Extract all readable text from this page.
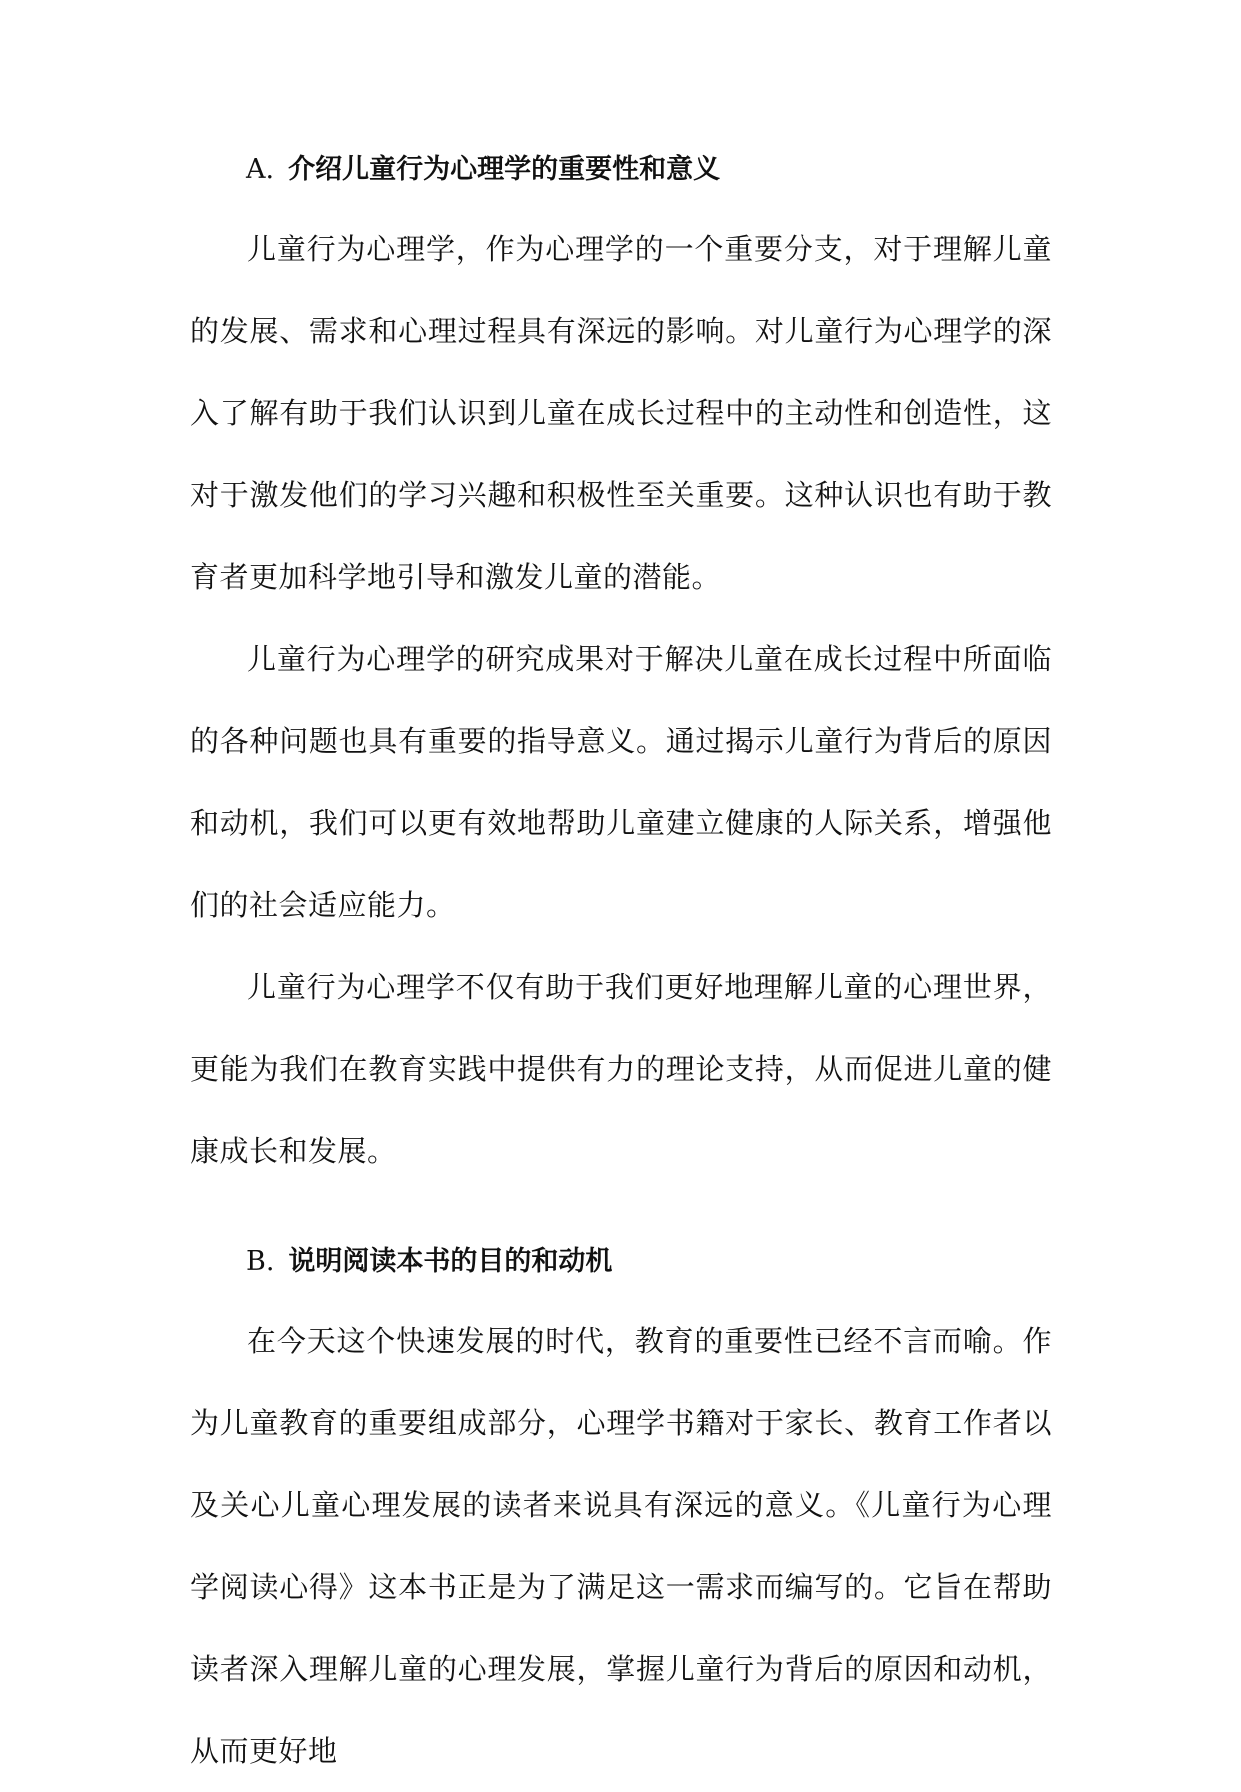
A. 介绍儿童行为心理学的重要性和意义

儿童行为心理学，作为心理学的一个重要分支，对于理解儿童的发展、需求和心理过程具有深远的影响。对儿童行为心理学的深入了解有助于我们认识到儿童在成长过程中的主动性和创造性，这对于激发他们的学习兴趣和积极性至关重要。这种认识也有助于教育者更加科学地引导和激发儿童的潜能。

儿童行为心理学的研究成果对于解决儿童在成长过程中所面临的各种问题也具有重要的指导意义。通过揭示儿童行为背后的原因和动机，我们可以更有效地帮助儿童建立健康的人际关系，增强他们的社会适应能力。

儿童行为心理学不仅有助于我们更好地理解儿童的心理世界，更能为我们在教育实践中提供有力的理论支持，从而促进儿童的健康成长和发展。

B. 说明阅读本书的目的和动机

在今天这个快速发展的时代，教育的重要性已经不言而喻。作为儿童教育的重要组成部分，心理学书籍对于家长、教育工作者以及关心儿童心理发展的读者来说具有深远的意义。《儿童行为心理学阅读心得》这本书正是为了满足这一需求而编写的。它旨在帮助读者深入理解儿童的心理发展，掌握儿童行为背后的原因和动机，从而更好地
